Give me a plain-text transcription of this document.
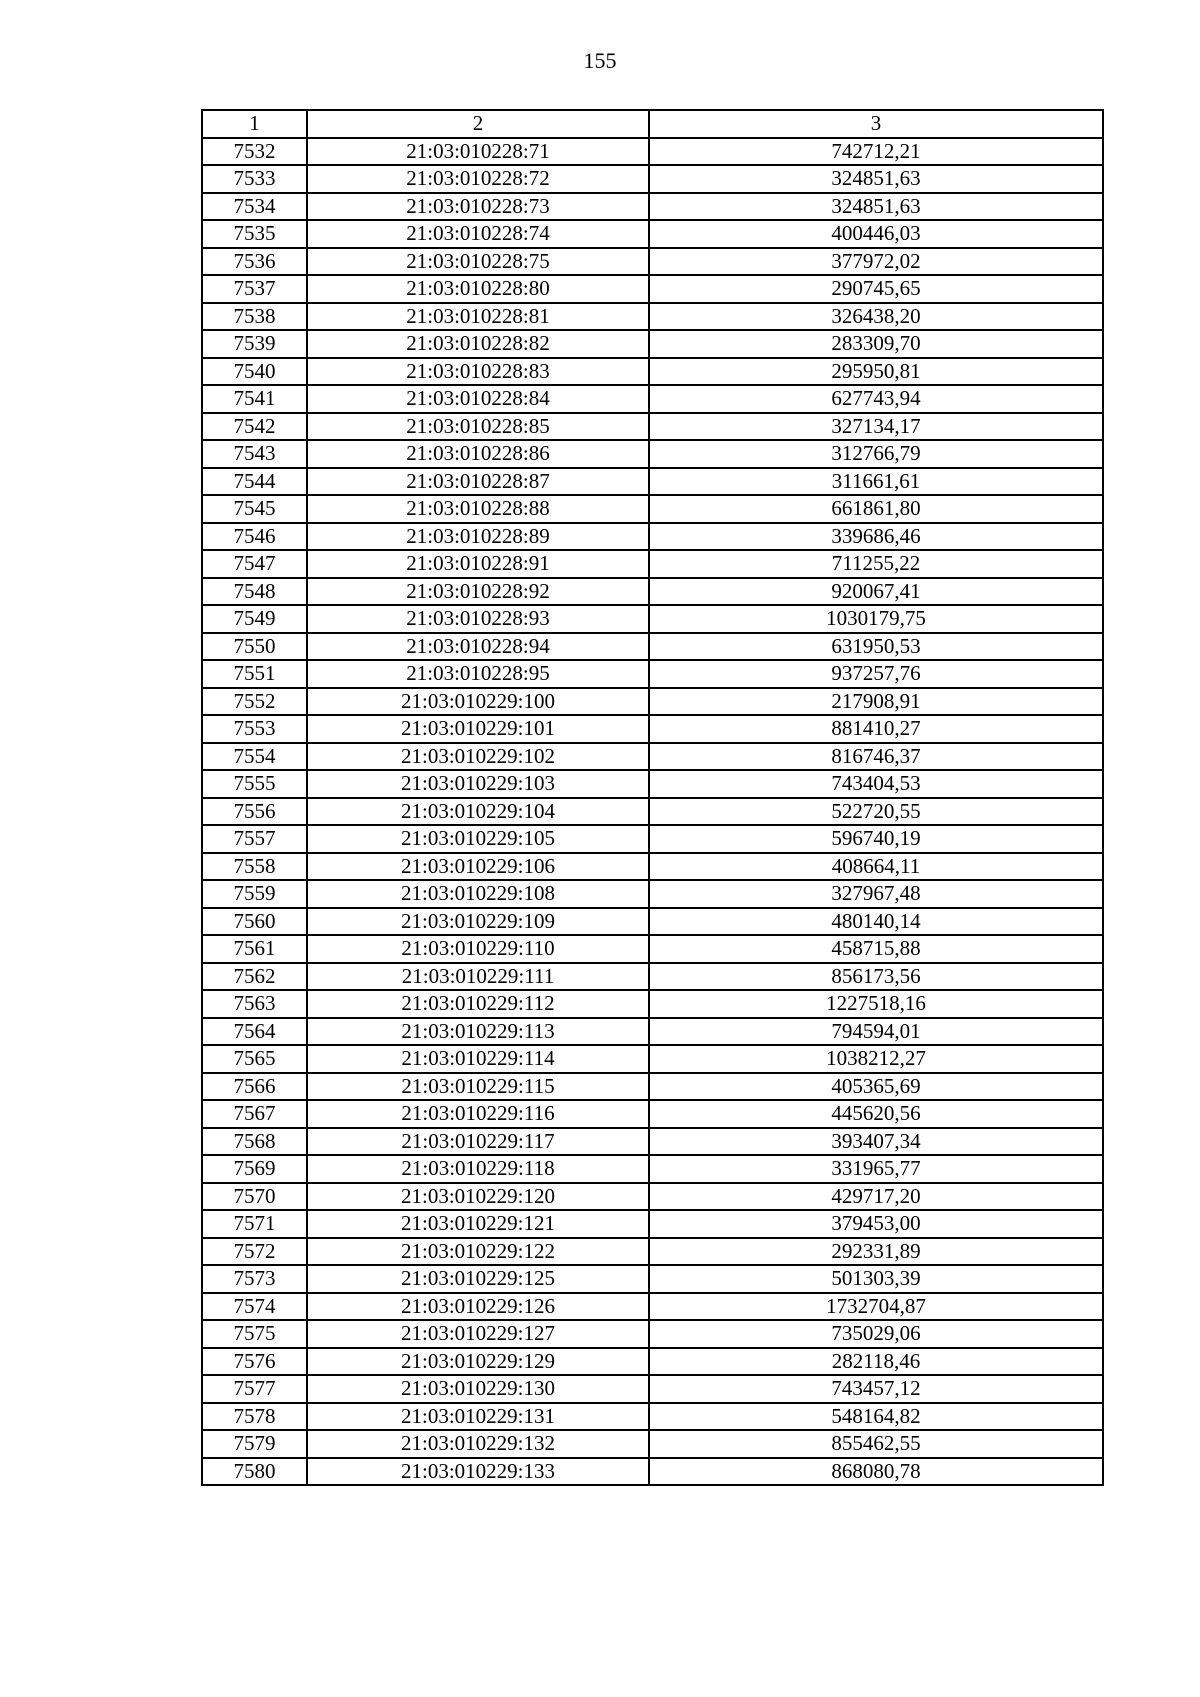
155
1	2	3
7532	21:03:010228:71	742712,21
7533	21:03:010228:72	324851,63
7534	21:03:010228:73	324851,63
7535	21:03:010228:74	400446,03
7536	21:03:010228:75	377972,02
7537	21:03:010228:80	290745,65
7538	21:03:010228:81	326438,20
7539	21:03:010228:82	283309,70
7540	21:03:010228:83	295950,81
7541	21:03:010228:84	627743,94
7542	21:03:010228:85	327134,17
7543	21:03:010228:86	312766,79
7544	21:03:010228:87	311661,61
7545	21:03:010228:88	661861,80
7546	21:03:010228:89	339686,46
7547	21:03:010228:91	711255,22
7548	21:03:010228:92	920067,41
7549	21:03:010228:93	1030179,75
7550	21:03:010228:94	631950,53
7551	21:03:010228:95	937257,76
7552	21:03:010229:100	217908,91
7553	21:03:010229:101	881410,27
7554	21:03:010229:102	816746,37
7555	21:03:010229:103	743404,53
7556	21:03:010229:104	522720,55
7557	21:03:010229:105	596740,19
7558	21:03:010229:106	408664,11
7559	21:03:010229:108	327967,48
7560	21:03:010229:109	480140,14
7561	21:03:010229:110	458715,88
7562	21:03:010229:111	856173,56
7563	21:03:010229:112	1227518,16
7564	21:03:010229:113	794594,01
7565	21:03:010229:114	1038212,27
7566	21:03:010229:115	405365,69
7567	21:03:010229:116	445620,56
7568	21:03:010229:117	393407,34
7569	21:03:010229:118	331965,77
7570	21:03:010229:120	429717,20
7571	21:03:010229:121	379453,00
7572	21:03:010229:122	292331,89
7573	21:03:010229:125	501303,39
7574	21:03:010229:126	1732704,87
7575	21:03:010229:127	735029,06
7576	21:03:010229:129	282118,46
7577	21:03:010229:130	743457,12
7578	21:03:010229:131	548164,82
7579	21:03:010229:132	855462,55
7580	21:03:010229:133	868080,78
